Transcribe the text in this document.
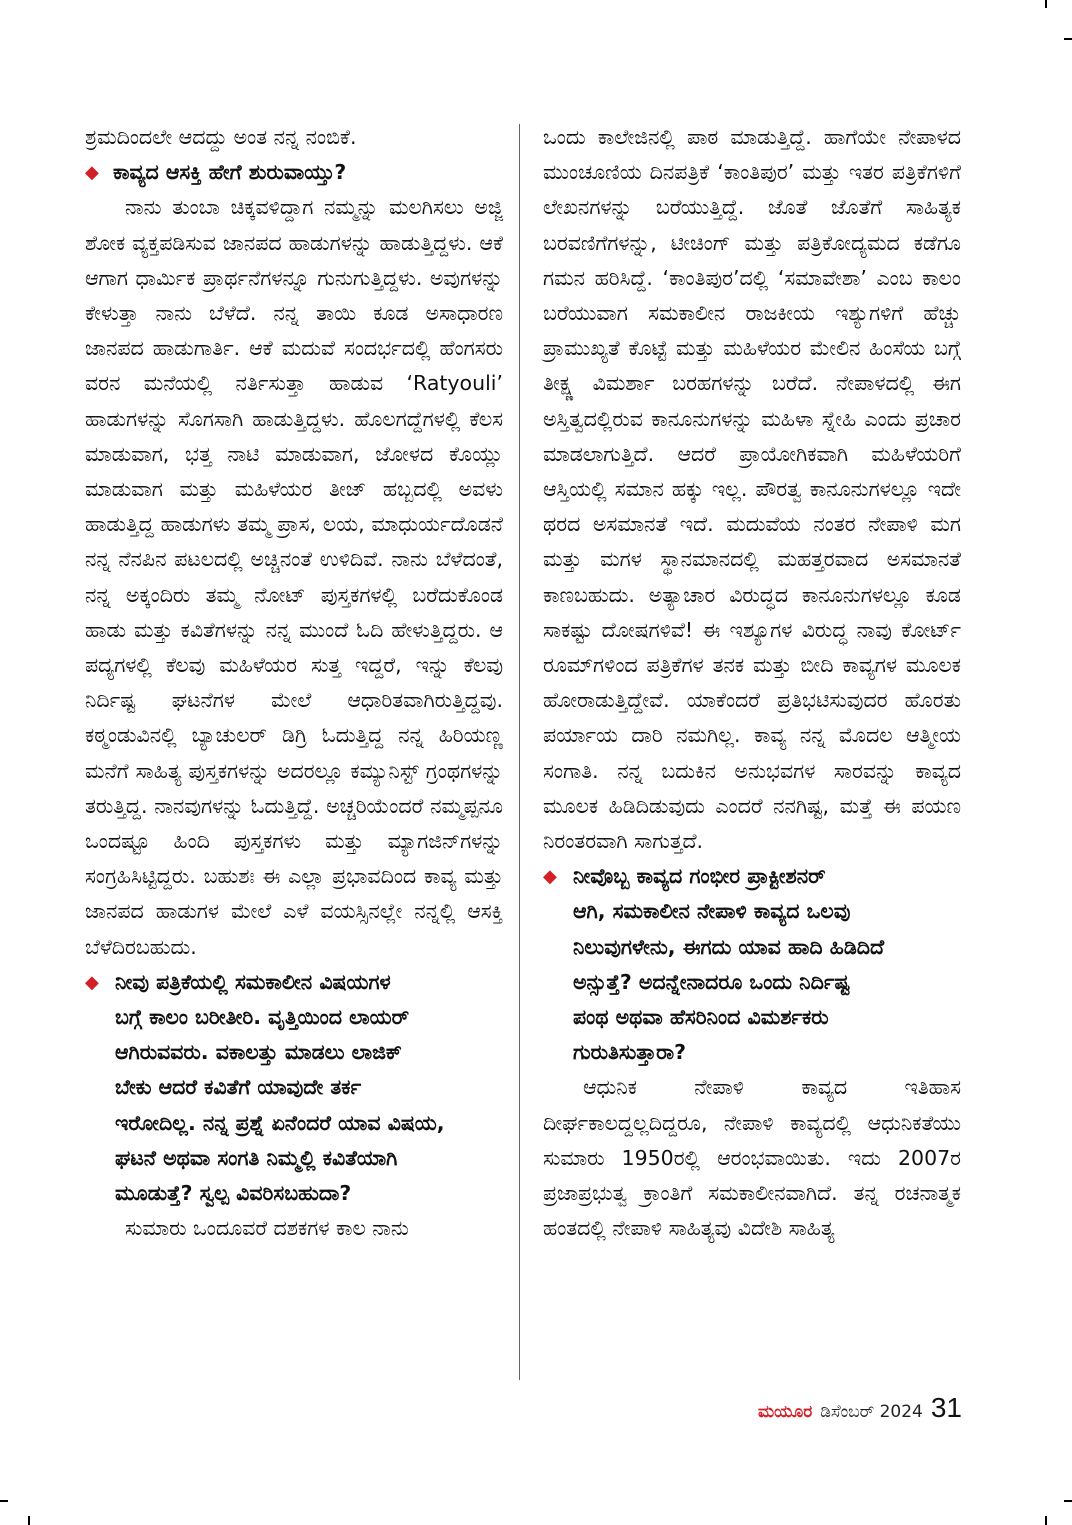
ಶ್ರಮದಿಂದಲೇ ಆದದ್ದು ಅಂತ ನನ್ನ ನಂಬಿಕೆ.

◆ ಕಾವ್ಯದ ಆಸಕ್ತಿ ಹೇಗೆ ಶುರುವಾಯ್ತು?

ನಾನು ತುಂಬಾ ಚಿಕ್ಕವಳಿದ್ದಾಗ ನಮ್ಮನ್ನು ಮಲಗಿಸಲು ಅಜ್ಜಿ ಶೋಕ ವ್ಯಕ್ತಪಡಿಸುವ ಜಾನಪದ ಹಾಡುಗಳನ್ನು ಹಾಡುತ್ತಿದ್ದಳು. ಆಕೆ ಆಗಾಗ ಧಾರ್ಮಿಕ ಪ್ರಾರ್ಥನೆಗಳನ್ನೂ ಗುನುಗುತ್ತಿದ್ದಳು. ಅವುಗಳನ್ನು ಕೇಳುತ್ತಾ ನಾನು ಬೆಳೆದೆ. ನನ್ನ ತಾಯಿ ಕೂಡ ಅಸಾಧಾರಣ ಜಾನಪದ ಹಾಡುಗಾರ್ತಿ. ಆಕೆ ಮದುವೆ ಸಂದರ್ಭದಲ್ಲಿ ಹೆಂಗಸರು ವರನ ಮನೆಯಲ್ಲಿ ನರ್ತಿಸುತ್ತಾ ಹಾಡುವ ‘Ratyouli’ ಹಾಡುಗಳನ್ನು ಸೊಗಸಾಗಿ ಹಾಡುತ್ತಿದ್ದಳು. ಹೊಲಗದ್ದೆಗಳಲ್ಲಿ ಕೆಲಸ ಮಾಡುವಾಗ, ಭತ್ತ ನಾಟಿ ಮಾಡುವಾಗ, ಜೋಳದ ಕೊಯ್ಲು ಮಾಡುವಾಗ ಮತ್ತು ಮಹಿಳೆಯರ ತೀಜ್ ಹಬ್ಬದಲ್ಲಿ ಅವಳು ಹಾಡುತ್ತಿದ್ದ ಹಾಡುಗಳು ತಮ್ಮ ಪ್ರಾಸ, ಲಯ, ಮಾಧುರ್ಯದೊಡನೆ ನನ್ನ ನೆನಪಿನ ಪಟಲದಲ್ಲಿ ಅಚ್ಚಿನಂತೆ ಉಳಿದಿವೆ. ನಾನು ಬೆಳೆದಂತೆ, ನನ್ನ ಅಕ್ಕಂದಿರು ತಮ್ಮ ನೋಟ್ ಪುಸ್ತಕಗಳಲ್ಲಿ ಬರೆದುಕೊಂಡ ಹಾಡು ಮತ್ತು ಕವಿತೆಗಳನ್ನು ನನ್ನ ಮುಂದೆ ಓದಿ ಹೇಳುತ್ತಿದ್ದರು. ಆ ಪದ್ಯಗಳಲ್ಲಿ ಕೆಲವು ಮಹಿಳೆಯರ ಸುತ್ತ ಇದ್ದರೆ, ಇನ್ನು ಕೆಲವು ನಿರ್ದಿಷ್ಟ ಘಟನೆಗಳ ಮೇಲೆ ಆಧಾರಿತವಾಗಿರುತ್ತಿದ್ದವು. ಕಠ್ಮಂಡುವಿನಲ್ಲಿ ಬ್ಯಾಚುಲರ್ ಡಿಗ್ರಿ ಓದುತ್ತಿದ್ದ ನನ್ನ ಹಿರಿಯಣ್ಣ ಮನೆಗೆ ಸಾಹಿತ್ಯ ಪುಸ್ತಕಗಳನ್ನು ಅದರಲ್ಲೂ ಕಮ್ಯುನಿಸ್ಟ್ ಗ್ರಂಥಗಳನ್ನು ತರುತ್ತಿದ್ದ. ನಾನವುಗಳನ್ನು ಓದುತ್ತಿದ್ದೆ. ಅಚ್ಚರಿಯೆಂದರೆ ನಮ್ಮಪ್ಪನೂ ಒಂದಷ್ಟೂ ಹಿಂದಿ ಪುಸ್ತಕಗಳು ಮತ್ತು ಮ್ಯಾಗಜಿನ್‌ಗಳನ್ನು ಸಂಗ್ರಹಿಸಿಟ್ಟಿದ್ದರು. ಬಹುಶಃ ಈ ಎಲ್ಲಾ ಪ್ರಭಾವದಿಂದ ಕಾವ್ಯ ಮತ್ತು ಜಾನಪದ ಹಾಡುಗಳ ಮೇಲೆ ಎಳೆ ವಯಸ್ಸಿನಲ್ಲೇ ನನ್ನಲ್ಲಿ ಆಸಕ್ತಿ ಬೆಳೆದಿರಬಹುದು.

◆ ನೀವು ಪತ್ರಿಕೆಯಲ್ಲಿ ಸಮಕಾಲೀನ ವಿಷಯಗಳ
ಬಗ್ಗೆ ಕಾಲಂ ಬರೀತೀರಿ. ವೃತ್ತಿಯಿಂದ ಲಾಯರ್
ಆಗಿರುವವರು. ವಕಾಲತ್ತು ಮಾಡಲು ಲಾಜಿಕ್
ಬೇಕು ಆದರೆ ಕವಿತೆಗೆ ಯಾವುದೇ ತರ್ಕ
ಇರೋದಿಲ್ಲ. ನನ್ನ ಪ್ರಶ್ನೆ ಏನೆಂದರೆ ಯಾವ ವಿಷಯ,
ಘಟನೆ ಅಥವಾ ಸಂಗತಿ ನಿಮ್ಮಲ್ಲಿ ಕವಿತೆಯಾಗಿ
ಮೂಡುತ್ತೆ? ಸ್ವಲ್ಪ ವಿವರಿಸಬಹುದಾ?

ಸುಮಾರು ಒಂದೂವರೆ ದಶಕಗಳ ಕಾಲ ನಾನು

ಒಂದು ಕಾಲೇಜಿನಲ್ಲಿ ಪಾಠ ಮಾಡುತ್ತಿದ್ದೆ. ಹಾಗೆಯೇ ನೇಪಾಳದ ಮುಂಚೂಣಿಯ ದಿನಪತ್ರಿಕೆ ‘ಕಾಂತಿಪುರ’ ಮತ್ತು ಇತರ ಪತ್ರಿಕೆಗಳಿಗೆ ಲೇಖನಗಳನ್ನು ಬರೆಯುತ್ತಿದ್ದೆ. ಜೊತೆ ಜೊತೆಗೆ ಸಾಹಿತ್ಯಕ ಬರವಣಿಗೆಗಳನ್ನು, ಟೀಚಿಂಗ್ ಮತ್ತು ಪತ್ರಿಕೋದ್ಯಮದ ಕಡೆಗೂ ಗಮನ ಹರಿಸಿದ್ದೆ. ‘ಕಾಂತಿಪುರ’ದಲ್ಲಿ ‘ಸಮಾವೇಶಾ’ ಎಂಬ ಕಾಲಂ ಬರೆಯುವಾಗ ಸಮಕಾಲೀನ ರಾಜಕೀಯ ಇಶ್ಯುಗಳಿಗೆ ಹೆಚ್ಚು ಪ್ರಾಮುಖ್ಯತೆ ಕೊಟ್ಟೆ ಮತ್ತು ಮಹಿಳೆಯರ ಮೇಲಿನ ಹಿಂಸೆಯ ಬಗ್ಗೆ ತೀಕ್ಷ್ಣ ವಿಮರ್ಶಾ ಬರಹಗಳನ್ನು ಬರೆದೆ. ನೇಪಾಳದಲ್ಲಿ ಈಗ ಅಸ್ತಿತ್ವದಲ್ಲಿರುವ ಕಾನೂನುಗಳನ್ನು ಮಹಿಳಾ ಸ್ನೇಹಿ ಎಂದು ಪ್ರಚಾರ ಮಾಡಲಾಗುತ್ತಿದೆ. ಆದರೆ ಪ್ರಾಯೋಗಿಕವಾಗಿ ಮಹಿಳೆಯರಿಗೆ ಆಸ್ತಿಯಲ್ಲಿ ಸಮಾನ ಹಕ್ಕು ಇಲ್ಲ. ಪೌರತ್ವ ಕಾನೂನುಗಳಲ್ಲೂ ಇದೇ ಥರದ ಅಸಮಾನತೆ ಇದೆ. ಮದುವೆಯ ನಂತರ ನೇಪಾಳಿ ಮಗ ಮತ್ತು ಮಗಳ ಸ್ಥಾನಮಾನದಲ್ಲಿ ಮಹತ್ತರವಾದ ಅಸಮಾನತೆ ಕಾಣಬಹುದು. ಅತ್ಯಾಚಾರ ವಿರುದ್ಧದ ಕಾನೂನುಗಳಲ್ಲೂ ಕೂಡ ಸಾಕಷ್ಟು ದೋಷಗಳಿವೆ! ಈ ಇಶ್ಯೂಗಳ ವಿರುದ್ಧ ನಾವು ಕೋರ್ಟ್ ರೂಮ್‌ಗಳಿಂದ ಪತ್ರಿಕೆಗಳ ತನಕ ಮತ್ತು ಬೀದಿ ಕಾವ್ಯಗಳ ಮೂಲಕ ಹೋರಾಡುತ್ತಿದ್ದೇವೆ. ಯಾಕೆಂದರೆ ಪ್ರತಿಭಟಿಸುವುದರ ಹೊರತು ಪರ್ಯಾಯ ದಾರಿ ನಮಗಿಲ್ಲ. ಕಾವ್ಯ ನನ್ನ ಮೊದಲ ಆತ್ಮೀಯ ಸಂಗಾತಿ. ನನ್ನ ಬದುಕಿನ ಅನುಭವಗಳ ಸಾರವನ್ನು ಕಾವ್ಯದ ಮೂಲಕ ಹಿಡಿದಿಡುವುದು ಎಂದರೆ ನನಗಿಷ್ಟ, ಮತ್ತೆ ಈ ಪಯಣ ನಿರಂತರವಾಗಿ ಸಾಗುತ್ತದೆ.

◆ ನೀವೊಬ್ಬ ಕಾವ್ಯದ ಗಂಭೀರ ಪ್ರಾಕ್ಟೀಶನರ್
ಆಗಿ, ಸಮಕಾಲೀನ ನೇಪಾಳಿ ಕಾವ್ಯದ ಒಲವು
ನಿಲುವುಗಳೇನು, ಈಗದು ಯಾವ ಹಾದಿ ಹಿಡಿದಿದೆ
ಅನ್ಸುತ್ತೆ? ಅದನ್ನೇನಾದರೂ ಒಂದು ನಿರ್ದಿಷ್ಟ
ಪಂಥ ಅಥವಾ ಹೆಸರಿನಿಂದ ವಿಮರ್ಶಕರು
ಗುರುತಿಸುತ್ತಾರಾ?

ಆಧುನಿಕ ನೇಪಾಳಿ ಕಾವ್ಯದ ಇತಿಹಾಸ ದೀರ್ಘಕಾಲದ್ದಲ್ಲದಿದ್ದರೂ, ನೇಪಾಳಿ ಕಾವ್ಯದಲ್ಲಿ ಆಧುನಿಕತೆಯು ಸುಮಾರು 1950ರಲ್ಲಿ ಆರಂಭವಾಯಿತು. ಇದು 2007ರ ಪ್ರಜಾಪ್ರಭುತ್ವ ಕ್ರಾಂತಿಗೆ ಸಮಕಾಲೀನವಾಗಿದೆ. ತನ್ನ ರಚನಾತ್ಮಕ ಹಂತದಲ್ಲಿ ನೇಪಾಳಿ ಸಾಹಿತ್ಯವು ವಿದೇಶಿ ಸಾಹಿತ್ಯ

ಮಯೂರ ಡಿಸೆಂಬರ್ 2024 31
